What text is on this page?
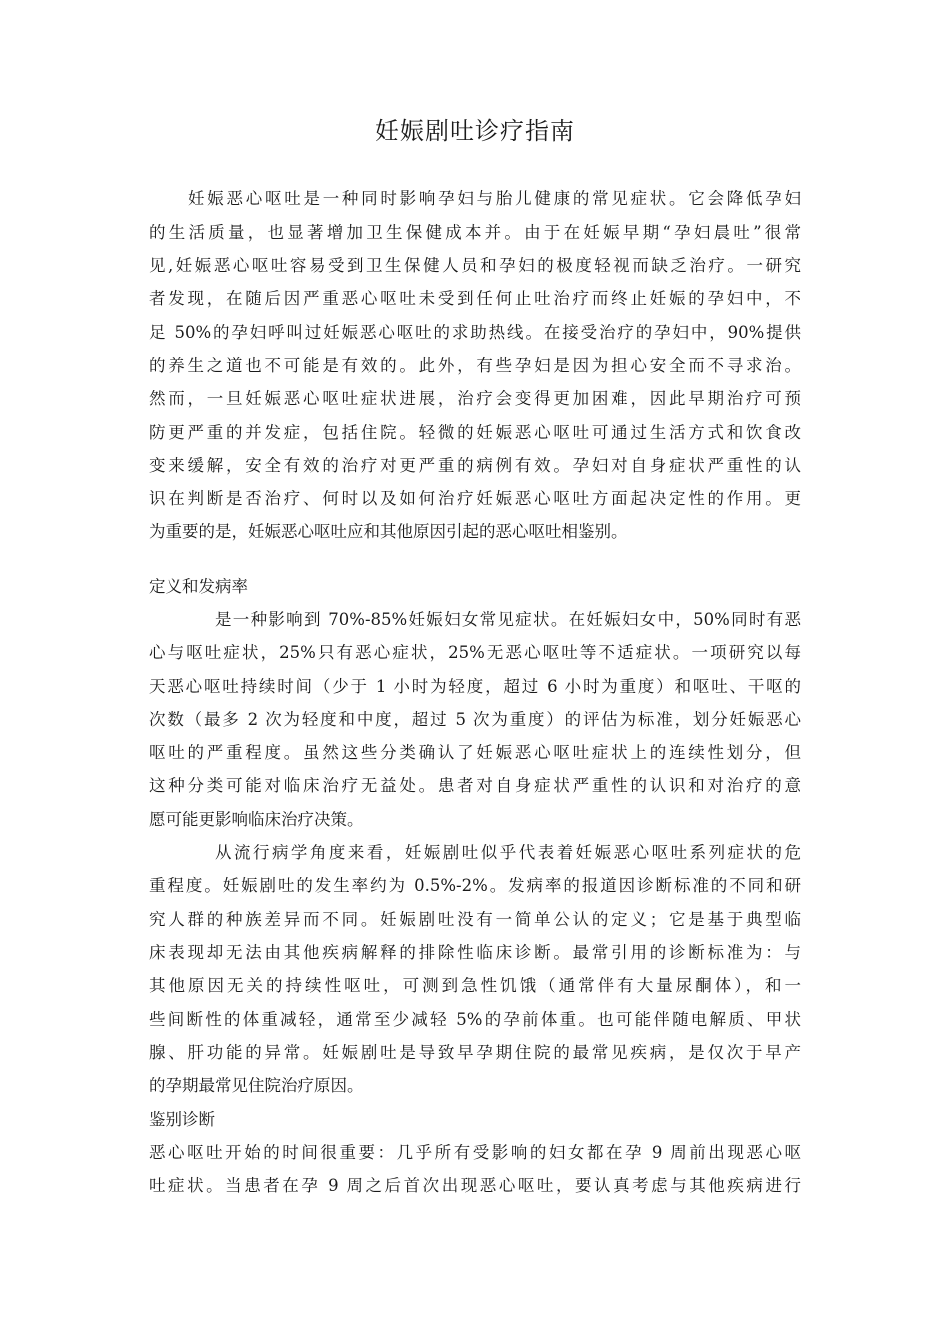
妊娠剧吐诊疗指南
妊娠恶心呕吐是一种同时影响孕妇与胎儿健康的常见症状。它会降低孕妇
的生活质量，也显著增加卫生保健成本并。由于在妊娠早期“孕妇晨吐”很常
见,妊娠恶心呕吐容易受到卫生保健人员和孕妇的极度轻视而缺乏治疗。一研究
者发现，在随后因严重恶心呕吐未受到任何止吐治疗而终止妊娠的孕妇中，不
足 50%的孕妇呼叫过妊娠恶心呕吐的求助热线。在接受治疗的孕妇中，90%提供
的养生之道也不可能是有效的。此外，有些孕妇是因为担心安全而不寻求治。
然而，一旦妊娠恶心呕吐症状进展，治疗会变得更加困难，因此早期治疗可预
防更严重的并发症，包括住院。轻微的妊娠恶心呕吐可通过生活方式和饮食改
变来缓解，安全有效的治疗对更严重的病例有效。孕妇对自身症状严重性的认
识在判断是否治疗、何时以及如何治疗妊娠恶心呕吐方面起决定性的作用。更
为重要的是，妊娠恶心呕吐应和其他原因引起的恶心呕吐相鉴别。
定义和发病率
是一种影响到 70%-85%妊娠妇女常见症状。在妊娠妇女中，50%同时有恶
心与呕吐症状，25%只有恶心症状，25%无恶心呕吐等不适症状。一项研究以每
天恶心呕吐持续时间（少于 1 小时为轻度，超过 6 小时为重度）和呕吐、干呕的
次数（最多 2 次为轻度和中度，超过 5 次为重度）的评估为标准，划分妊娠恶心
呕吐的严重程度。虽然这些分类确认了妊娠恶心呕吐症状上的连续性划分，但
这种分类可能对临床治疗无益处。患者对自身症状严重性的认识和对治疗的意
愿可能更影响临床治疗决策。
从流行病学角度来看，妊娠剧吐似乎代表着妊娠恶心呕吐系列症状的危
重程度。妊娠剧吐的发生率约为 0.5%-2%。发病率的报道因诊断标准的不同和研
究人群的种族差异而不同。妊娠剧吐没有一简单公认的定义；它是基于典型临
床表现却无法由其他疾病解释的排除性临床诊断。最常引用的诊断标准为：与
其他原因无关的持续性呕吐，可测到急性饥饿（通常伴有大量尿酮体），和一
些间断性的体重减轻，通常至少减轻 5%的孕前体重。也可能伴随电解质、甲状
腺、肝功能的异常。妊娠剧吐是导致早孕期住院的最常见疾病，是仅次于早产
的孕期最常见住院治疗原因。
鉴别诊断
恶心呕吐开始的时间很重要：几乎所有受影响的妇女都在孕 9 周前出现恶心呕
吐症状。当患者在孕 9 周之后首次出现恶心呕吐，要认真考虑与其他疾病进行
